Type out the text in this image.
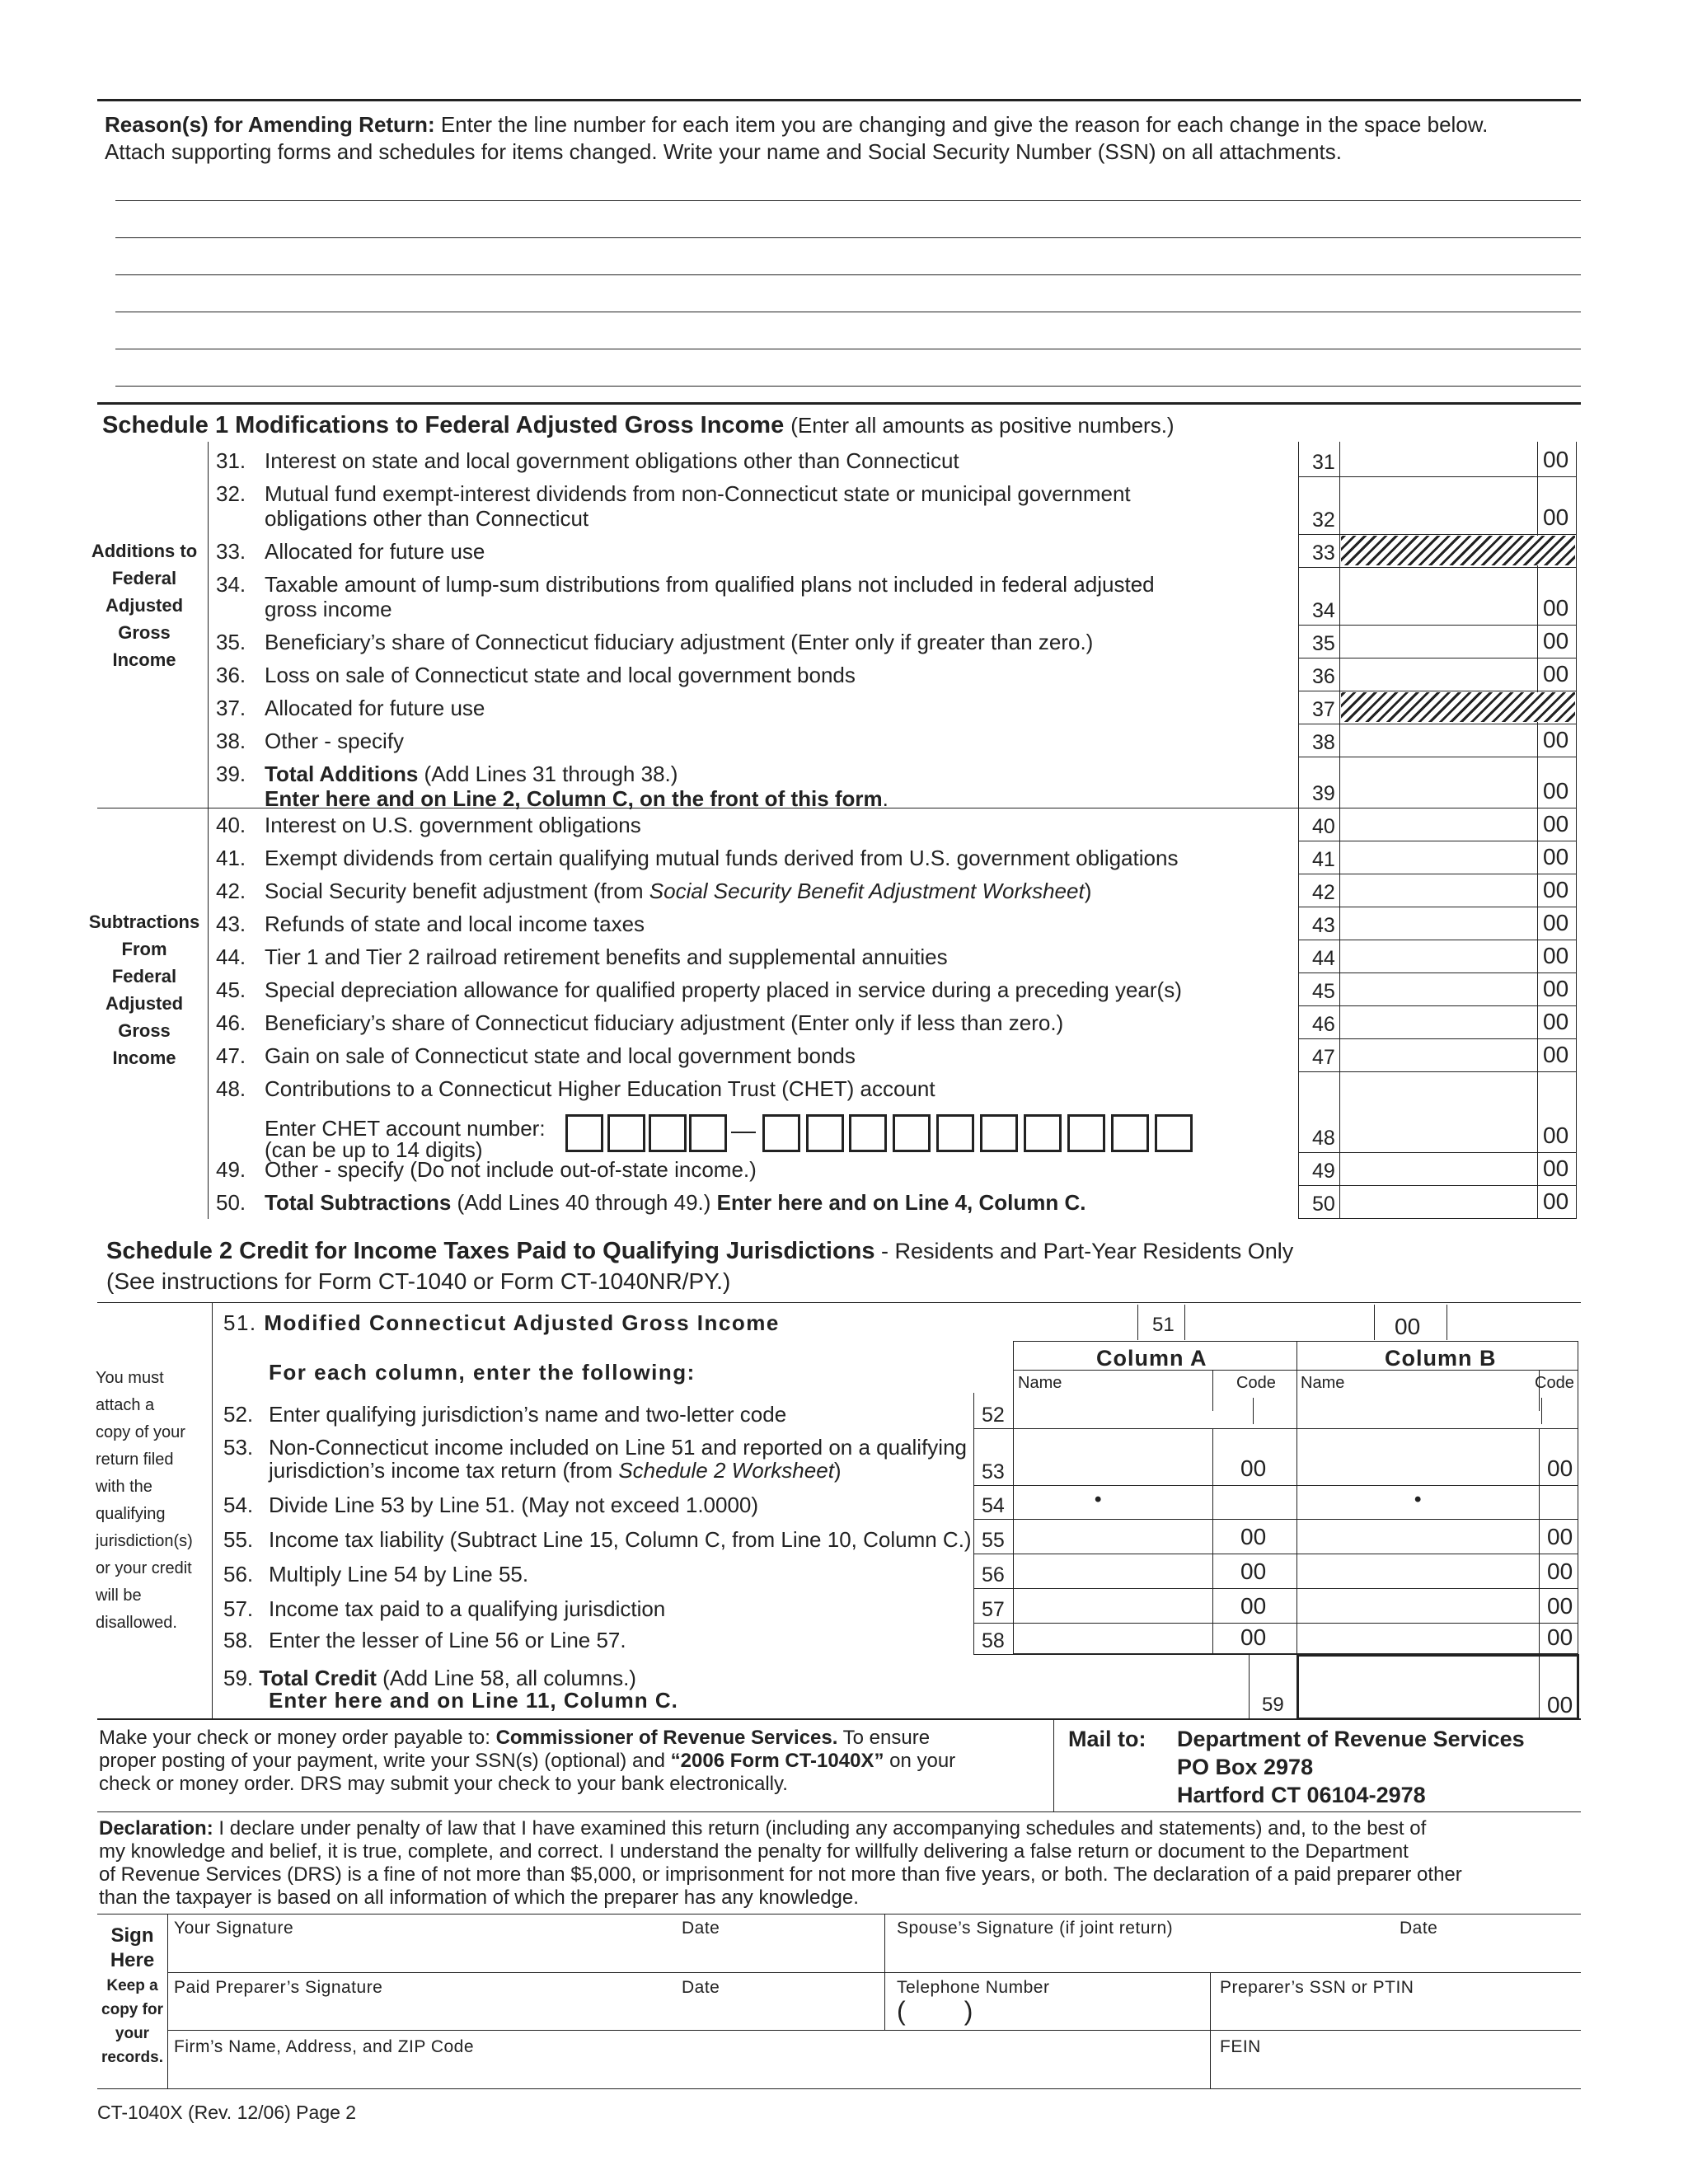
Reason(s) for Amending Return: Enter the line number for each item you are changing and give the reason for each change in the space below.
Attach supporting forms and schedules for items changed. Write your name and Social Security Number (SSN) on all attachments.
Schedule 1 Modifications to Federal Adjusted Gross Income (Enter all amounts as positive numbers.)
Additions to
Federal
Adjusted
Gross
Income
Subtractions
From
Federal
Adjusted
Gross
Income
31. Interest on state and local government obligations other than Connecticut	31	00
32. Mutual fund exempt-interest dividends from non-Connecticut state or municipal government
obligations other than Connecticut	32	00
33. Allocated for future use	33
34. Taxable amount of lump-sum distributions from qualified plans not included in federal adjusted
gross income	34	00
35. Beneficiary’s share of Connecticut fiduciary adjustment (Enter only if greater than zero.)	35	00
36. Loss on sale of Connecticut state and local government bonds	36	00
37. Allocated for future use	37
38. Other - specify	38	00
39. Total Additions (Add Lines 31 through 38.)
Enter here and on Line 2, Column C, on the front of this form.	39	00
40. Interest on U.S. government obligations	40	00
41. Exempt dividends from certain qualifying mutual funds derived from U.S. government obligations	41	00
42. Social Security benefit adjustment (from Social Security Benefit Adjustment Worksheet)	42	00
43. Refunds of state and local income taxes	43	00
44. Tier 1 and Tier 2 railroad retirement benefits and supplemental annuities	44	00
45. Special depreciation allowance for qualified property placed in service during a preceding year(s)	45	00
46. Beneficiary’s share of Connecticut fiduciary adjustment (Enter only if less than zero.)	46	00
47. Gain on sale of Connecticut state and local government bonds	47	00
48. Contributions to a Connecticut Higher Education Trust (CHET) account
48	00
49. Other - specify (Do not include out-of-state income.)	49	00
50. Total Subtractions (Add Lines 40 through 49.) Enter here and on Line 4, Column C.	50	00
Enter CHET account number:
(can be up to 14 digits)
Schedule 2 Credit for Income Taxes Paid to Qualifying Jurisdictions - Residents and Part-Year Residents Only
(See instructions for Form CT-1040 or Form CT-1040NR/PY.)
You must
attach a
copy of your
return filed
with the
qualifying
jurisdiction(s)
or your credit
will be
disallowed.
51. Modified Connecticut Adjusted Gross Income	51	00
For each column, enter the following:
Column A	Column B
Name	Code Name	Code
52. Enter qualifying jurisdiction’s name and two-letter code	52
53. Non-Connecticut income included on Line 51 and reported on a qualifying
jurisdiction’s income tax return (from Schedule 2 Worksheet)	53	00	00
54. Divide Line 53 by Line 51. (May not exceed 1.0000)	54	•	•
55. Income tax liability (Subtract Line 15, Column C, from Line 10, Column C.) 55	00	00
56. Multiply Line 54 by Line 55.	56	00	00
57. Income tax paid to a qualifying jurisdiction	57	00	00
58. Enter the lesser of Line 56 or Line 57.	58	00	00
59. Total Credit (Add Line 58, all columns.)
Enter here and on Line 11, Column C.	59	00
Make your check or money order payable to: Commissioner of Revenue Services. To ensure
proper posting of your payment, write your SSN(s) (optional) and “2006 Form CT-1040X” on your
check or money order. DRS may submit your check to your bank electronically.
Mail to: Department of Revenue Services
PO Box 2978
Hartford CT 06104-2978
Declaration: I declare under penalty of law that I have examined this return (including any accompanying schedules and statements) and, to the best of
my knowledge and belief, it is true, complete, and correct. I understand the penalty for willfully delivering a false return or document to the Department
of Revenue Services (DRS) is a fine of not more than $5,000, or imprisonment for not more than five years, or both. The declaration of a paid preparer other
than the taxpayer is based on all information of which the preparer has any knowledge.
Sign
Here
Keep a
copy for
your
records.
Your Signature	Date	Spouse’s Signature (if joint return)	Date
Paid Preparer’s Signature	Date	Telephone Number
(        )
Preparer’s SSN or PTIN
Firm’s Name, Address, and ZIP Code	FEIN
CT-1040X (Rev. 12/06) Page 2
